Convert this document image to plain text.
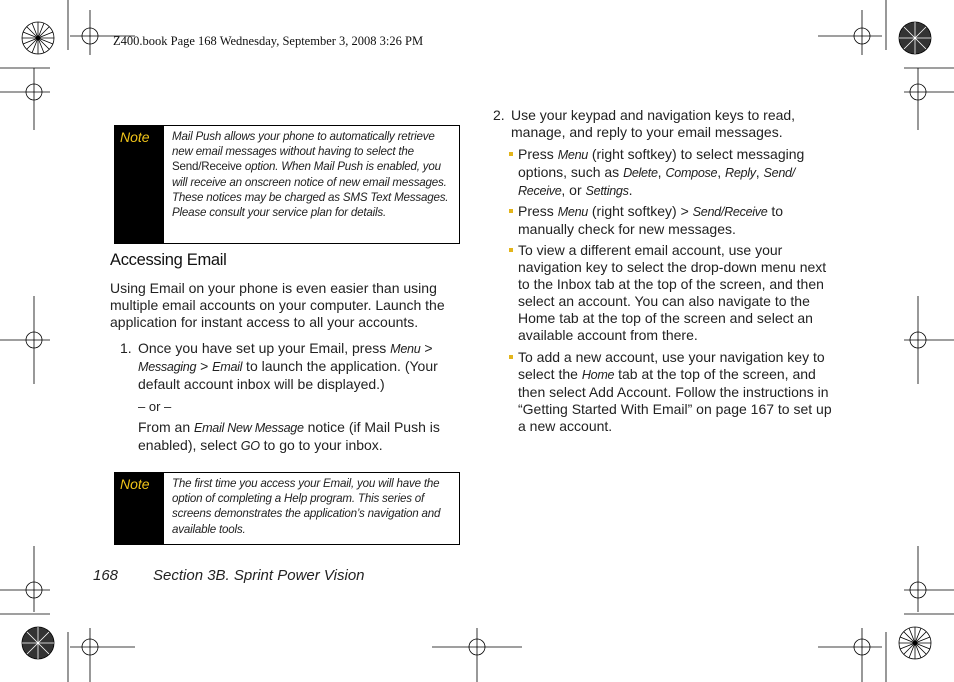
Z400.book Page 168 Wednesday, September 3, 2008 3:26 PM
Note	Mail Push allows your phone to automatically retrieve new email messages without having to select the Send/Receive option. When Mail Push is enabled, you will receive an onscreen notice of new email messages. These notices may be charged as SMS Text Messages. Please consult your service plan for details.
Accessing Email
Using Email on your phone is even easier than using multiple email accounts on your computer. Launch the application for instant access to all your accounts.
1. Once you have set up your Email, press Menu > Messaging > Email to launch the application. (Your default account inbox will be displayed.)
– or –
From an Email New Message notice (if Mail Push is enabled), select GO to go to your inbox.
Note	The first time you access your Email, you will have the option of completing a Help program. This series of screens demonstrates the application’s navigation and available tools.
168 Section 3B. Sprint Power Vision
2. Use your keypad and navigation keys to read, manage, and reply to your email messages.
Press Menu (right softkey) to select messaging options, such as Delete, Compose, Reply, Send/ Receive, or Settings.
Press Menu (right softkey) > Send/Receive to manually check for new messages.
To view a different email account, use your navigation key to select the drop-down menu next to the Inbox tab at the top of the screen, and then select an account. You can also navigate to the Home tab at the top of the screen and select an available account from there.
To add a new account, use your navigation key to select the Home tab at the top of the screen, and then select Add Account. Follow the instructions in “Getting Started With Email” on page 167 to set up a new account.
